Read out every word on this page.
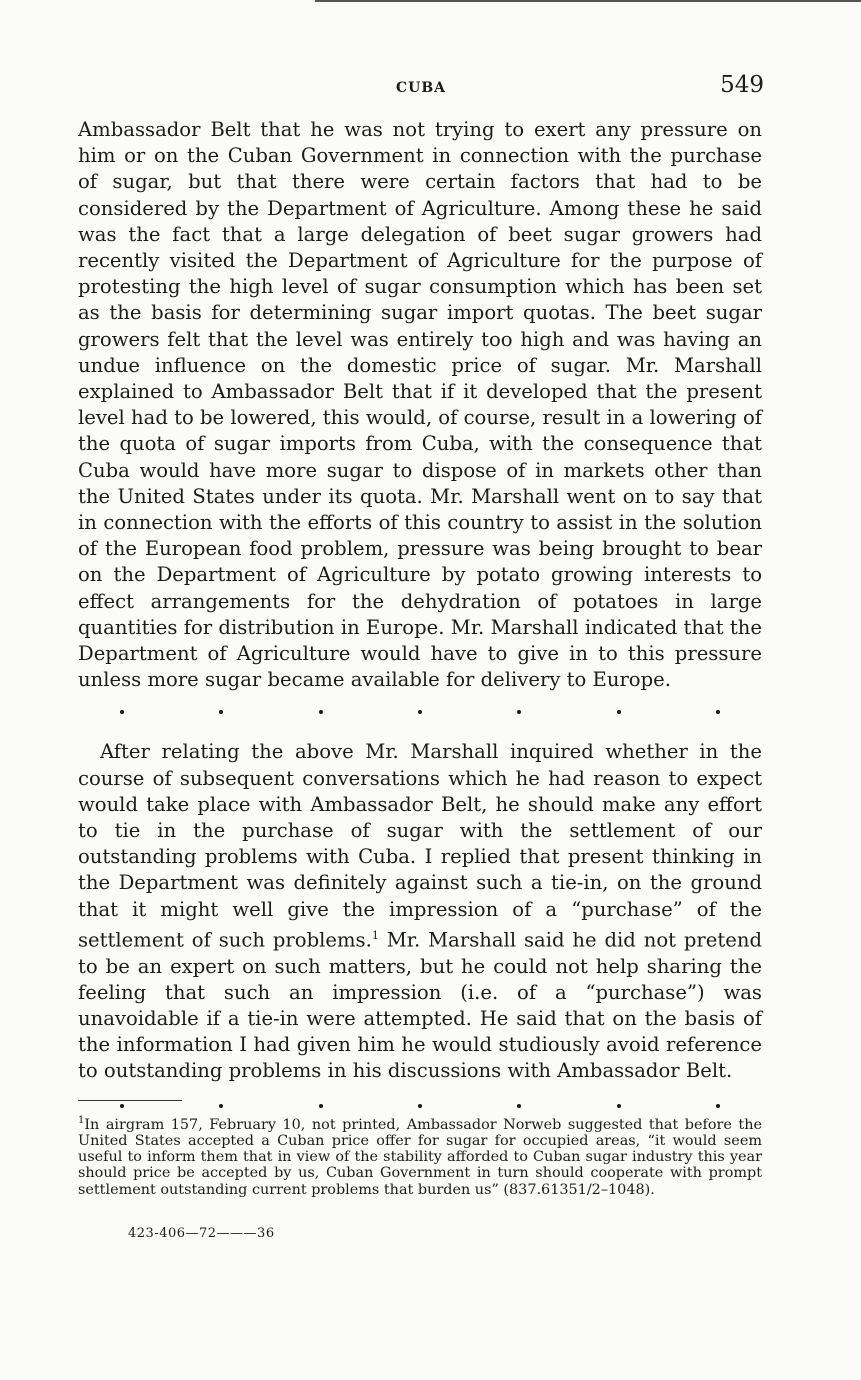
CUBA	549

Ambassador Belt that he was not trying to exert any pressure on him or on the Cuban Government in connection with the purchase of sugar, but that there were certain factors that had to be considered by the Department of Agriculture. Among these he said was the fact that a large delegation of beet sugar growers had recently visited the Department of Agriculture for the purpose of protesting the high level of sugar consumption which has been set as the basis for determining sugar import quotas. The beet sugar growers felt that the level was entirely too high and was having an undue influence on the domestic price of sugar. Mr. Marshall explained to Ambassador Belt that if it developed that the present level had to be lowered, this would, of course, result in a lowering of the quota of sugar imports from Cuba, with the consequence that Cuba would have more sugar to dispose of in markets other than the United States under its quota. Mr. Marshall went on to say that in connection with the efforts of this country to assist in the solution of the European food problem, pressure was being brought to bear on the Department of Agriculture by potato growing interests to effect arrangements for the dehydration of potatoes in large quantities for distribution in Europe. Mr. Marshall indicated that the Department of Agriculture would have to give in to this pressure unless more sugar became available for delivery to Europe.

After relating the above Mr. Marshall inquired whether in the course of subsequent conversations which he had reason to expect would take place with Ambassador Belt, he should make any effort to tie in the purchase of sugar with the settlement of our outstanding problems with Cuba. I replied that present thinking in the Department was definitely against such a tie-in, on the ground that it might well give the impression of a “purchase” of the settlement of such problems.$^1$ Mr. Marshall said he did not pretend to be an expert on such matters, but he could not help sharing the feeling that such an impression (i.e. of a “purchase”) was unavoidable if a tie-in were attempted. He said that on the basis of the information I had given him he would studiously avoid reference to outstanding problems in his discussions with Ambassador Belt.

$^1$In airgram 157, February 10, not printed, Ambassador Norweb suggested that before the United States accepted a Cuban price offer for sugar for occupied areas, “it would seem useful to inform them that in view of the stability afforded to Cuban sugar industry this year should price be accepted by us, Cuban Government in turn should cooperate with prompt settlement outstanding current problems that burden us” (837.61351/2–1048).
423-406—72———36
